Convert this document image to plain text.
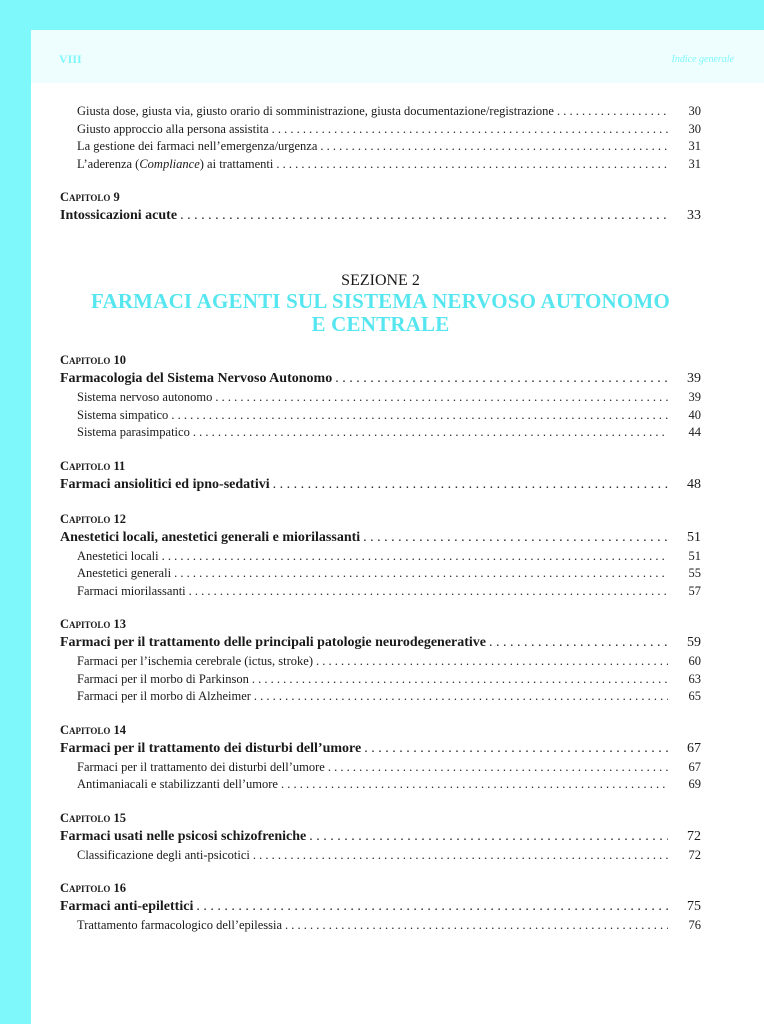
VIII	Indice generale
Giusta dose, giusta via, giusto orario di somministrazione, giusta documentazione/registrazione . . .	30
Giusto approccio alla persona assistita . . .	30
La gestione dei farmaci nell’emergenza/urgenza . . .	31
L’aderenza (Compliance) ai trattamenti . . .	31
Capitolo 9
Intossicazioni acute . . .	33
SEZIONE 2
FARMACI AGENTI SUL SISTEMA NERVOSO AUTONOMO
E CENTRALE
Capitolo 10
Farmacologia del Sistema Nervoso Autonomo . . .	39
Sistema nervoso autonomo . . .	39
Sistema simpatico . . .	40
Sistema parasimpatico . . .	44
Capitolo 11
Farmaci ansiolitici ed ipno-sedativi . . .	48
Capitolo 12
Anestetici locali, anestetici generali e miorilassanti . . .	51
Anestetici locali . . .	51
Anestetici generali . . .	55
Farmaci miorilassanti . . .	57
Capitolo 13
Farmaci per il trattamento delle principali patologie neurodegenerative . . .	59
Farmaci per l’ischemia cerebrale (ictus, stroke) . . .	60
Farmaci per il morbo di Parkinson . . .	63
Farmaci per il morbo di Alzheimer . . .	65
Capitolo 14
Farmaci per il trattamento dei disturbi dell’umore . . .	67
Farmaci per il trattamento dei disturbi dell’umore . . .	67
Antimaniacali e stabilizzanti dell’umore . . .	69
Capitolo 15
Farmaci usati nelle psicosi schizofreniche . . .	72
Classificazione degli anti-psicotici . . .	72
Capitolo 16
Farmaci anti-epilettici . . .	75
Trattamento farmacologico dell’epilessia . . .	76
